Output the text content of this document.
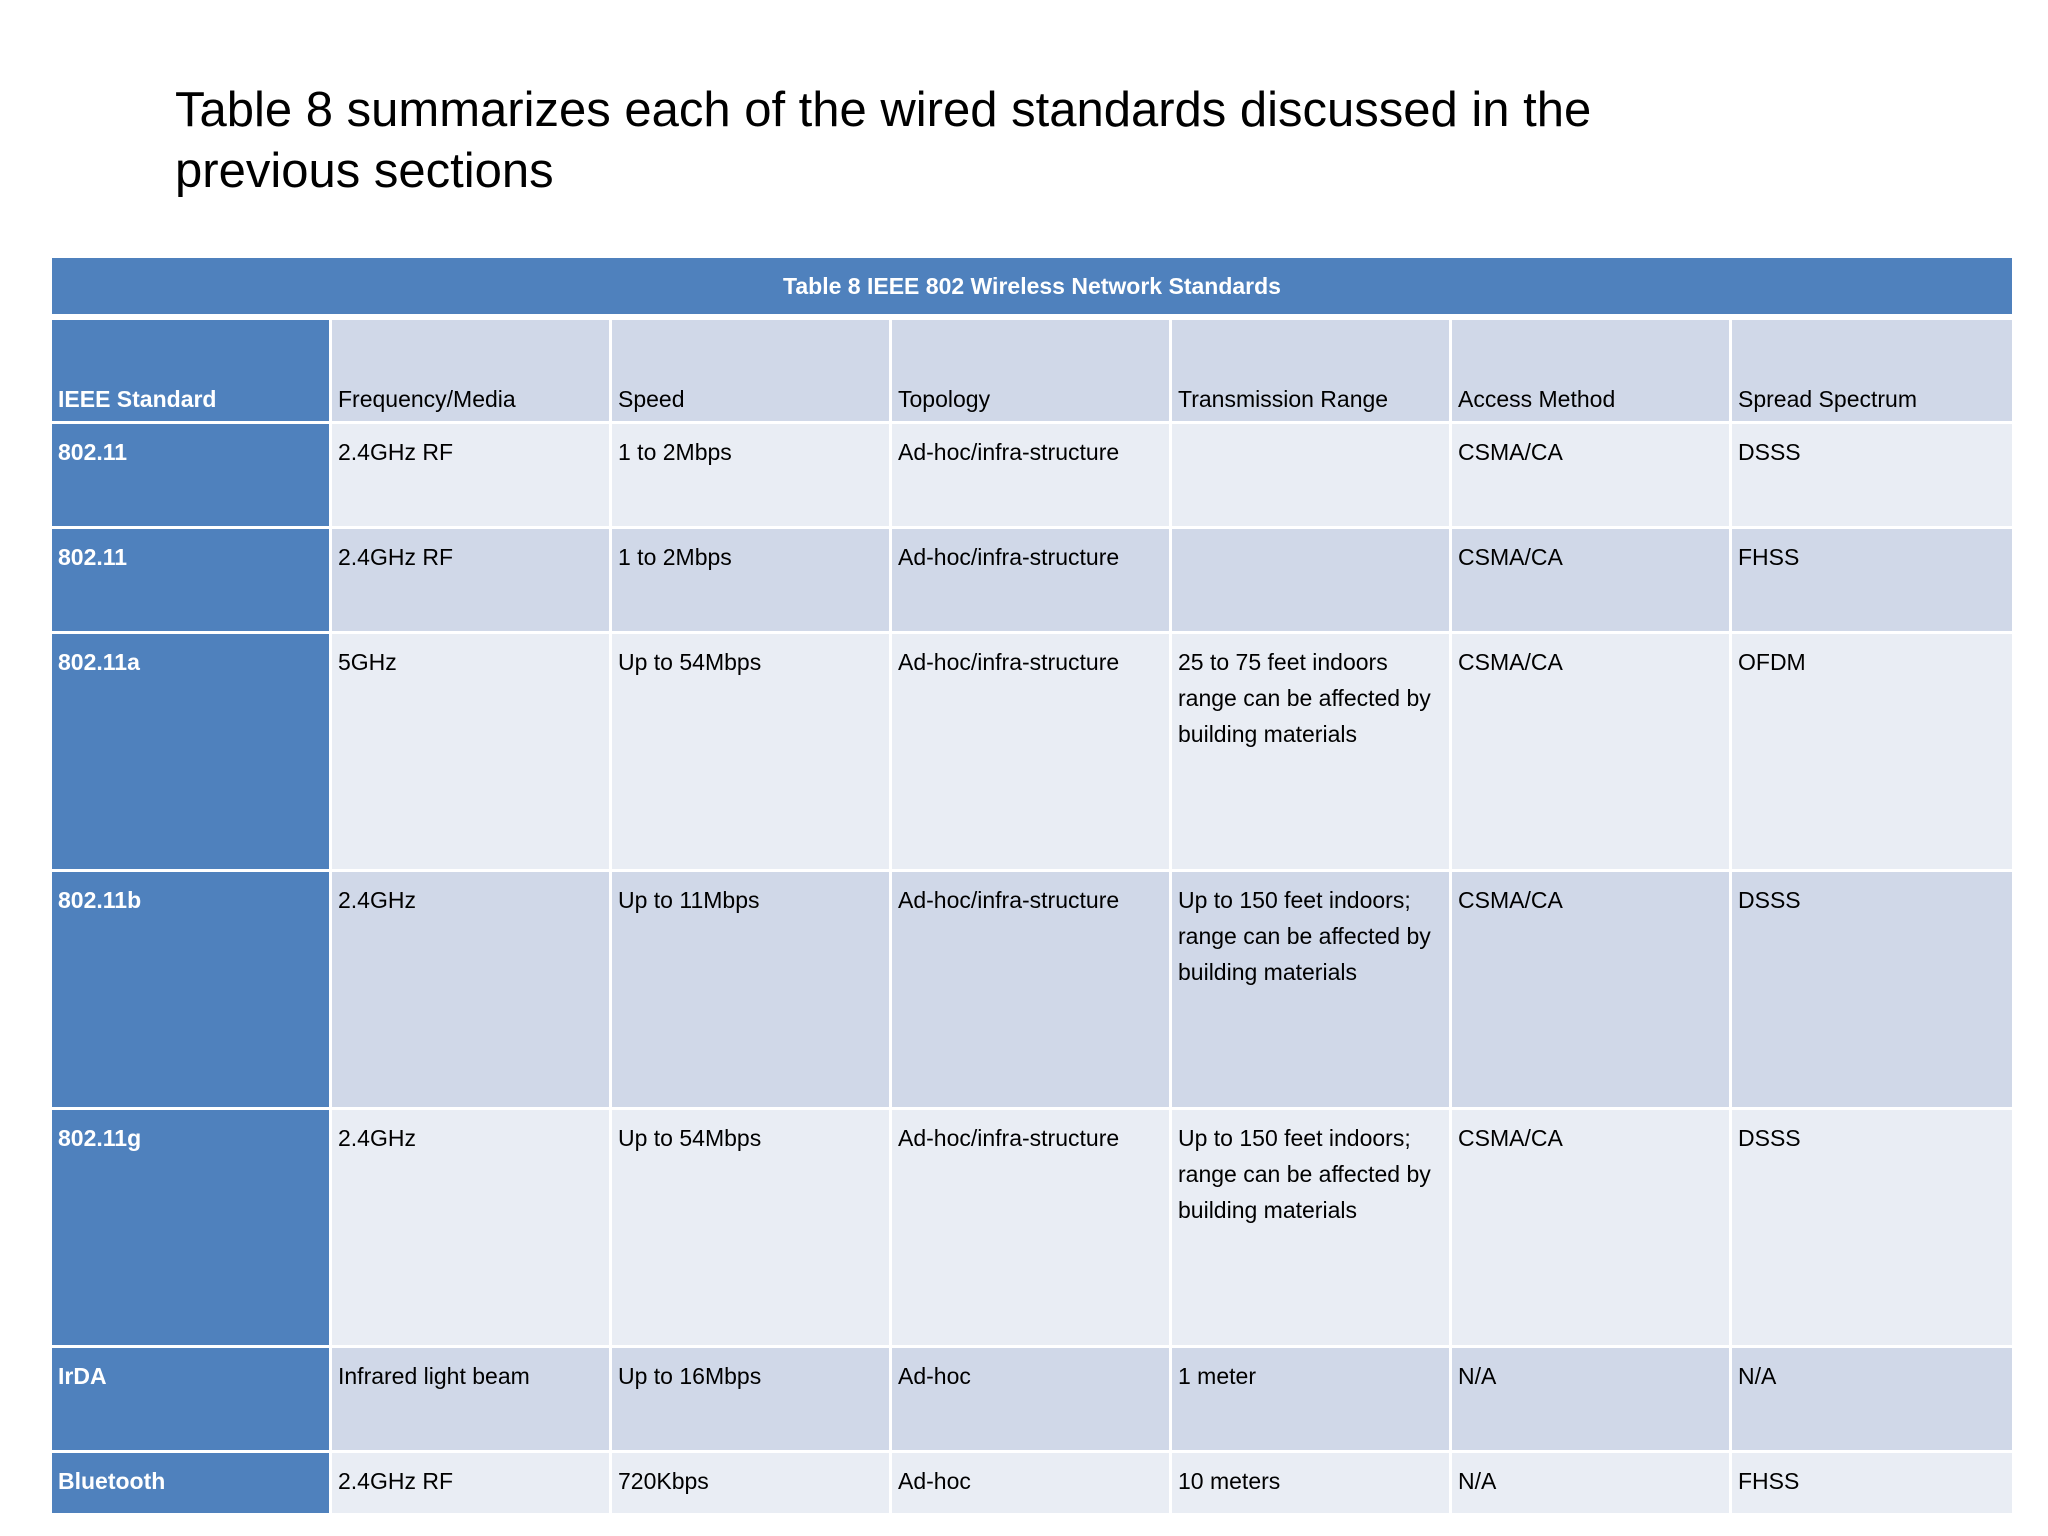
Table 8 summarizes each of the wired standards discussed in the previous sections
Table 8 IEEE 802 Wireless Network Standards						
IEEE Standard	Frequency/Media	Speed	Topology	Transmission Range	Access Method	Spread Spectrum
802.11	2.4GHz RF	1 to 2Mbps	Ad-hoc/infra-structure		CSMA/CA	DSSS
802.11	2.4GHz RF	1 to 2Mbps	Ad-hoc/infra-structure		CSMA/CA	FHSS
802.11a	5GHz	Up to 54Mbps	Ad-hoc/infra-structure	25 to 75 feet indoors range can be affected by building materials	CSMA/CA	OFDM
802.11b	2.4GHz	Up to 11Mbps	Ad-hoc/infra-structure	Up to 150 feet indoors; range can be affected by building materials	CSMA/CA	DSSS
802.11g	2.4GHz	Up to 54Mbps	Ad-hoc/infra-structure	Up to 150 feet indoors; range can be affected by building materials	CSMA/CA	DSSS
IrDA	Infrared light beam	Up to 16Mbps	Ad-hoc	1 meter	N/A	N/A
Bluetooth	2.4GHz RF	720Kbps	Ad-hoc	10 meters	N/A	FHSS
